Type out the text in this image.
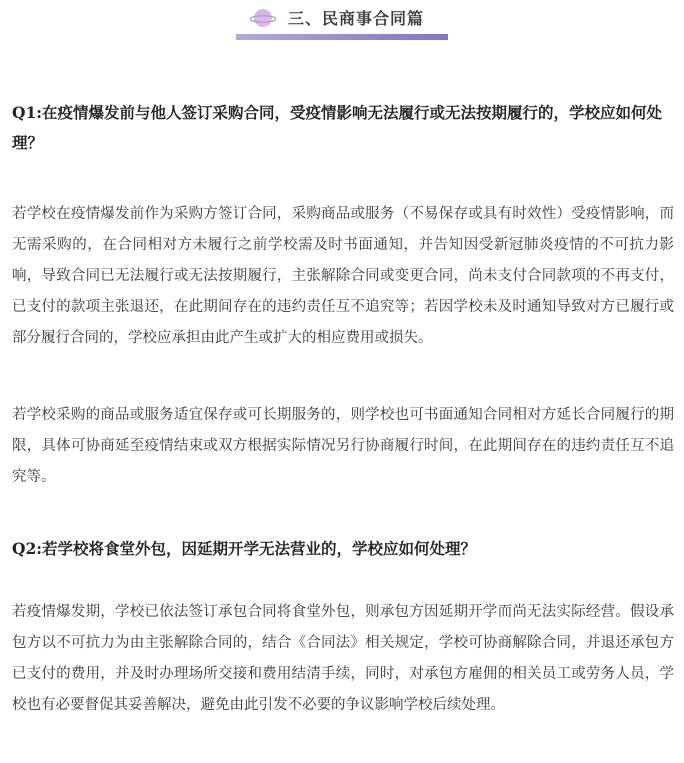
三、民商事合同篇
Q1:在疫情爆发前与他人签订采购合同，受疫情影响无法履行或无法按期履行的，学校应如何处理？

若学校在疫情爆发前作为采购方签订合同，采购商品或服务（不易保存或具有时效性）受疫情影响，而无需采购的，在合同相对方未履行之前学校需及时书面通知，并告知因受新冠肺炎疫情的不可抗力影响，导致合同已无法履行或无法按期履行，主张解除合同或变更合同，尚未支付合同款项的不再支付，已支付的款项主张退还，在此期间存在的违约责任互不追究等；若因学校未及时通知导致对方已履行或部分履行合同的，学校应承担由此产生或扩大的相应费用或损失。

若学校采购的商品或服务适宜保存或可长期服务的，则学校也可书面通知合同相对方延长合同履行的期限，具体可协商延至疫情结束或双方根据实际情况另行协商履行时间，在此期间存在的违约责任互不追究等。

Q2:若学校将食堂外包，因延期开学无法营业的，学校应如何处理？

若疫情爆发期，学校已依法签订承包合同将食堂外包，则承包方因延期开学而尚无法实际经营。假设承包方以不可抗力为由主张解除合同的，结合《合同法》相关规定，学校可协商解除合同，并退还承包方已支付的费用，并及时办理场所交接和费用结清手续，同时，对承包方雇佣的相关员工或劳务人员，学校也有必要督促其妥善解决，避免由此引发不必要的争议影响学校后续处理。
